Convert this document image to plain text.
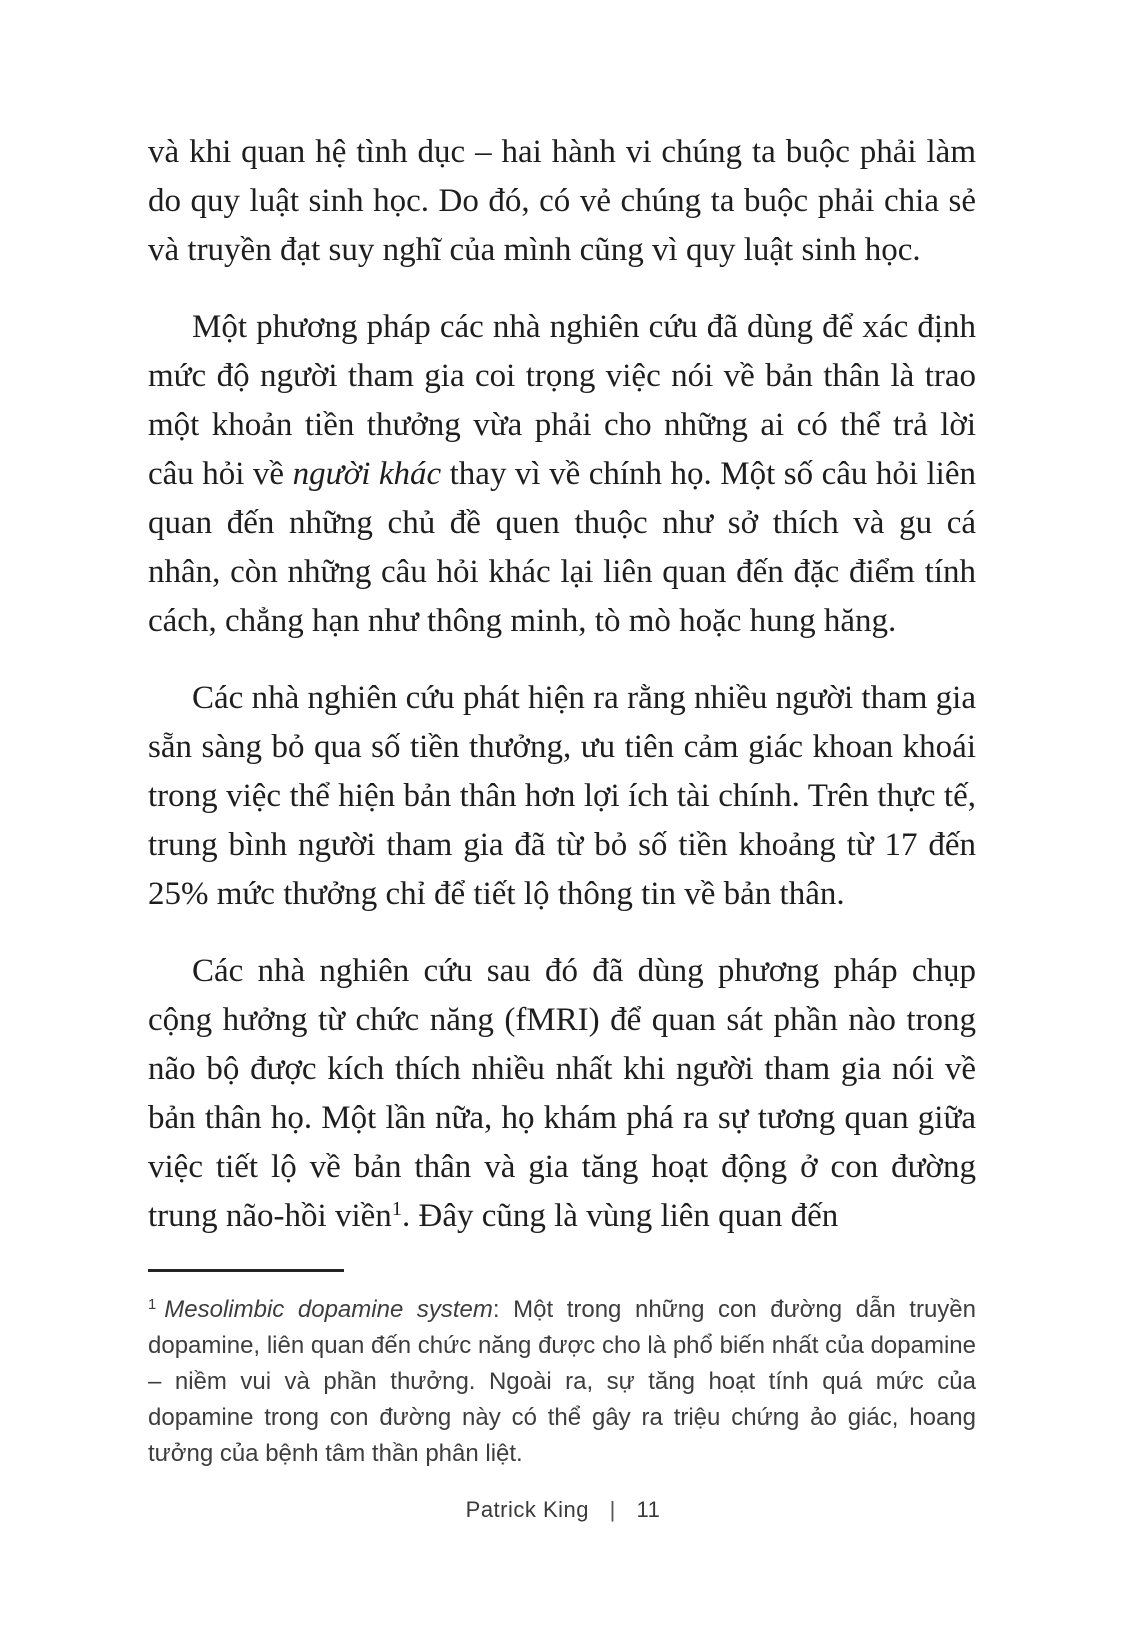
và khi quan hệ tình dục – hai hành vi chúng ta buộc phải làm do quy luật sinh học. Do đó, có vẻ chúng ta buộc phải chia sẻ và truyền đạt suy nghĩ của mình cũng vì quy luật sinh học.

Một phương pháp các nhà nghiên cứu đã dùng để xác định mức độ người tham gia coi trọng việc nói về bản thân là trao một khoản tiền thưởng vừa phải cho những ai có thể trả lời câu hỏi về người khác thay vì về chính họ. Một số câu hỏi liên quan đến những chủ đề quen thuộc như sở thích và gu cá nhân, còn những câu hỏi khác lại liên quan đến đặc điểm tính cách, chẳng hạn như thông minh, tò mò hoặc hung hăng.

Các nhà nghiên cứu phát hiện ra rằng nhiều người tham gia sẵn sàng bỏ qua số tiền thưởng, ưu tiên cảm giác khoan khoái trong việc thể hiện bản thân hơn lợi ích tài chính. Trên thực tế, trung bình người tham gia đã từ bỏ số tiền khoảng từ 17 đến 25% mức thưởng chỉ để tiết lộ thông tin về bản thân.

Các nhà nghiên cứu sau đó đã dùng phương pháp chụp cộng hưởng từ chức năng (fMRI) để quan sát phần nào trong não bộ được kích thích nhiều nhất khi người tham gia nói về bản thân họ. Một lần nữa, họ khám phá ra sự tương quan giữa việc tiết lộ về bản thân và gia tăng hoạt động ở con đường trung não-hồi viền$^1$. Đây cũng là vùng liên quan đến

$^1$ Mesolimbic dopamine system: Một trong những con đường dẫn truyền dopamine, liên quan đến chức năng được cho là phổ biến nhất của dopamine – niềm vui và phần thưởng. Ngoài ra, sự tăng hoạt tính quá mức của dopamine trong con đường này có thể gây ra triệu chứng ảo giác, hoang tưởng của bệnh tâm thần phân liệt.

Patrick King | 11
